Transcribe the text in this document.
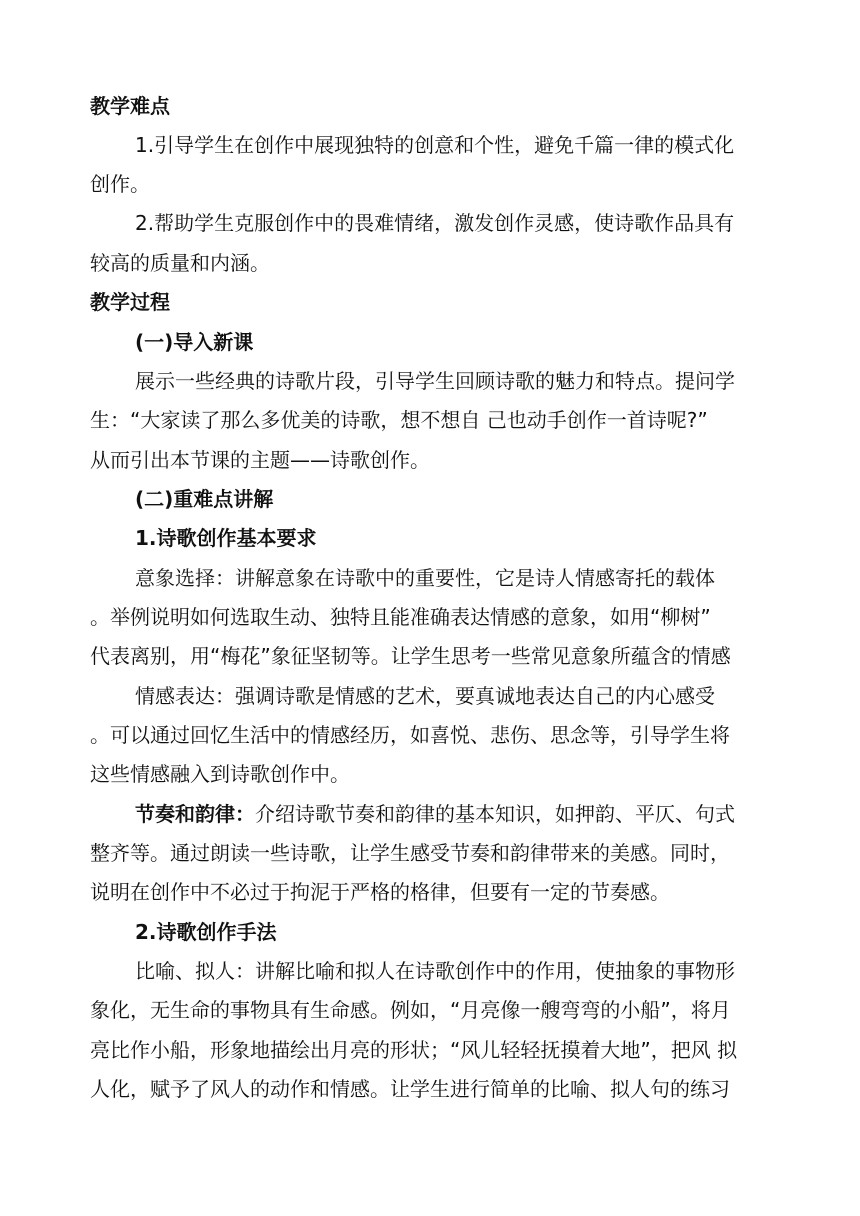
教学难点
1.引导学生在创作中展现独特的创意和个性，避免千篇一律的模式化
创作。
2.帮助学生克服创作中的畏难情绪，激发创作灵感，使诗歌作品具有
较高的质量和内涵。
教学过程
(一)导入新课
展示一些经典的诗歌片段，引导学生回顾诗歌的魅力和特点。提问学
生：“大家读了那么多优美的诗歌，想不想自 己也动手创作一首诗呢?”
从而引出本节课的主题——诗歌创作。
(二)重难点讲解
1.诗歌创作基本要求
意象选择：讲解意象在诗歌中的重要性，它是诗人情感寄托的载体
。举例说明如何选取生动、独特且能准确表达情感的意象，如用“柳树”
代表离别，用“梅花”象征坚韧等。让学生思考一些常见意象所蕴含的情感
情感表达：强调诗歌是情感的艺术，要真诚地表达自己的内心感受
。可以通过回忆生活中的情感经历，如喜悦、悲伤、思念等，引导学生将
这些情感融入到诗歌创作中。
节奏和韵律：介绍诗歌节奏和韵律的基本知识，如押韵、平仄、句式
整齐等。通过朗读一些诗歌，让学生感受节奏和韵律带来的美感。同时，
说明在创作中不必过于拘泥于严格的格律，但要有一定的节奏感。
2.诗歌创作手法
比喻、拟人：讲解比喻和拟人在诗歌创作中的作用，使抽象的事物形
象化，无生命的事物具有生命感。例如，“月亮像一艘弯弯的小船”，将月
亮比作小船，形象地描绘出月亮的形状；“风儿轻轻抚摸着大地”，把风 拟
人化，赋予了风人的动作和情感。让学生进行简单的比喻、拟人句的练习
